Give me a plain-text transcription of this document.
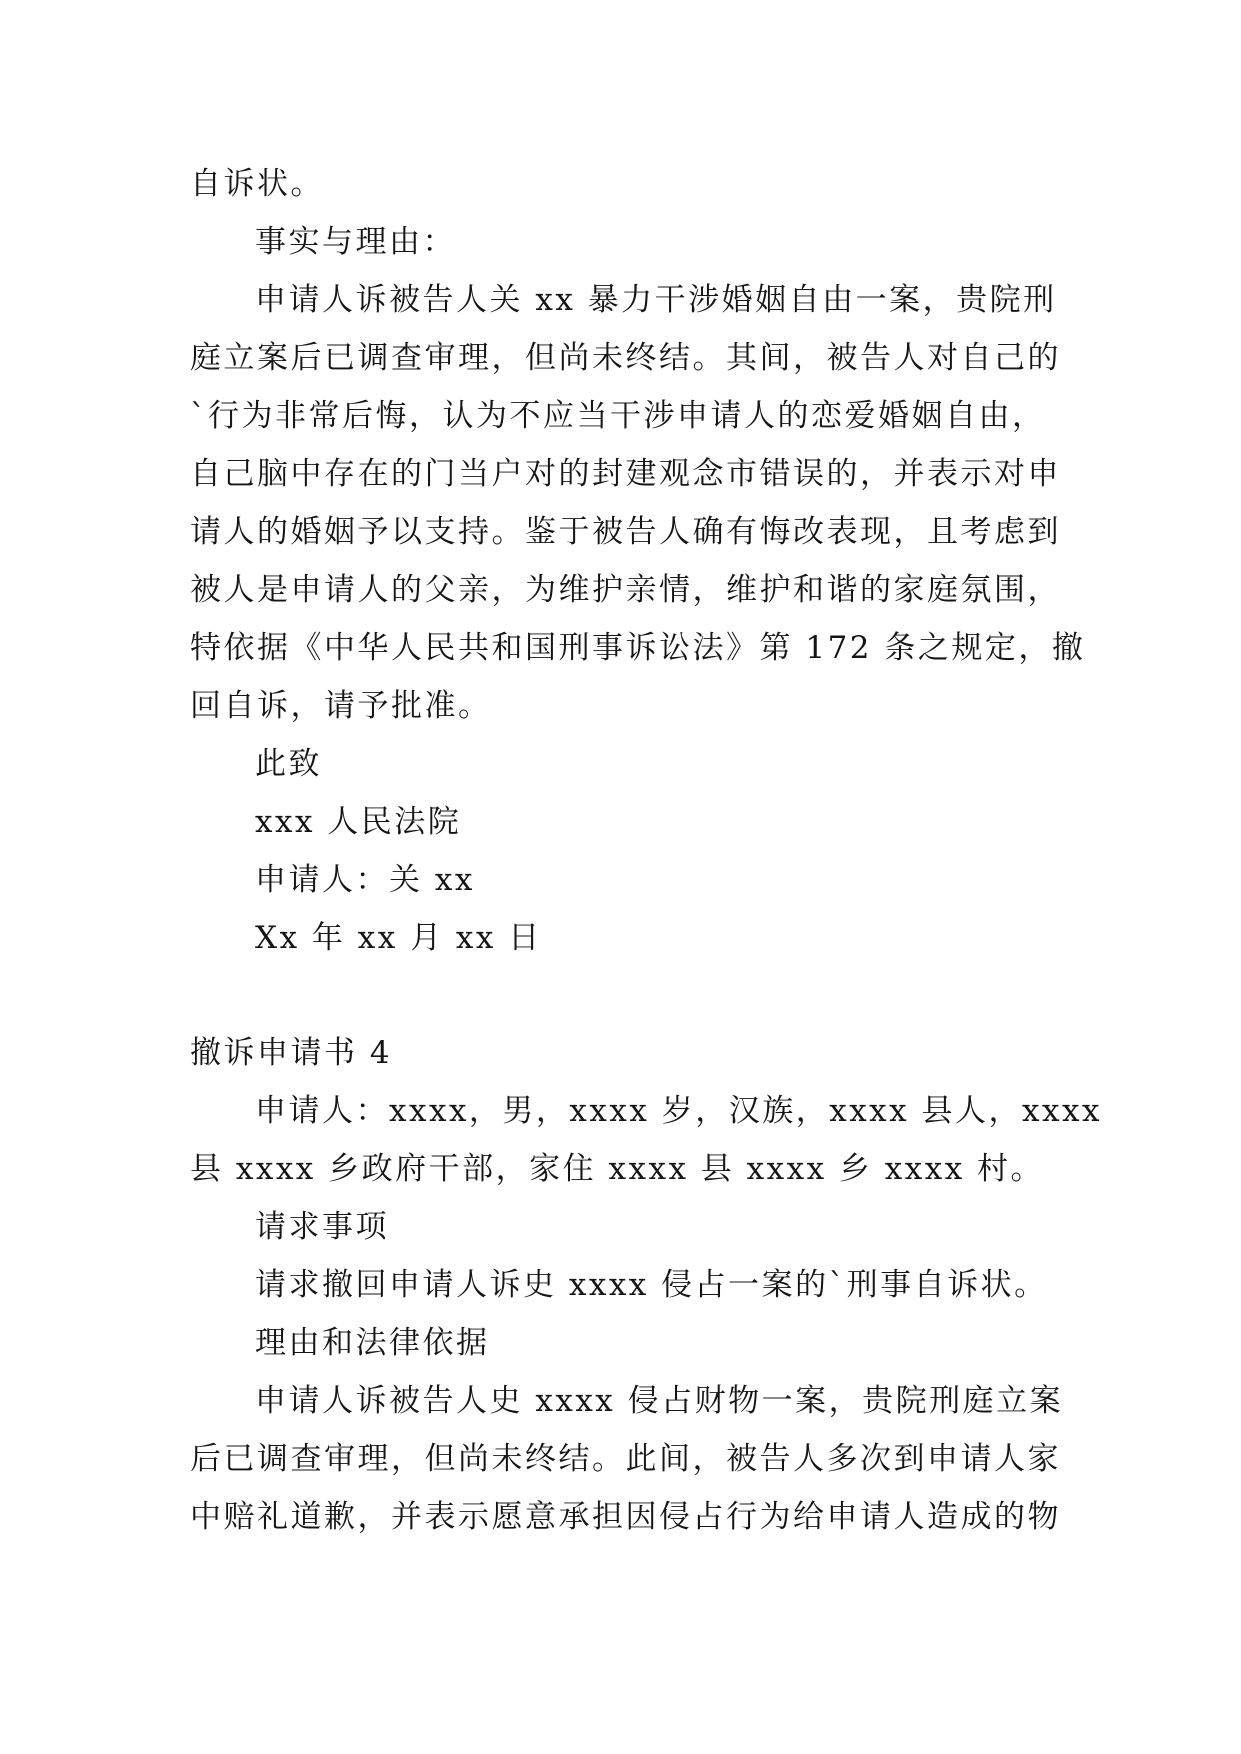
自诉状。
事实与理由：
申请人诉被告人关 xx 暴力干涉婚姻自由一案，贵院刑
庭立案后已调查审理，但尚未终结。其间，被告人对自己的
`行为非常后悔，认为不应当干涉申请人的恋爱婚姻自由，
自己脑中存在的门当户对的封建观念市错误的，并表示对申
请人的婚姻予以支持。鉴于被告人确有悔改表现，且考虑到
被人是申请人的父亲，为维护亲情，维护和谐的家庭氛围，
特依据《中华人民共和国刑事诉讼法》第 172 条之规定，撤
回自诉，请予批准。
此致
xxx 人民法院
申请人：关 xx
Xx 年 xx 月 xx 日
撤诉申请书 4
申请人：xxxx，男，xxxx 岁，汉族，xxxx 县人，xxxx
县 xxxx 乡政府干部，家住 xxxx 县 xxxx 乡 xxxx 村。
请求事项
请求撤回申请人诉史 xxxx 侵占一案的`刑事自诉状。
理由和法律依据
申请人诉被告人史 xxxx 侵占财物一案，贵院刑庭立案
后已调查审理，但尚未终结。此间，被告人多次到申请人家
中赔礼道歉，并表示愿意承担因侵占行为给申请人造成的物
